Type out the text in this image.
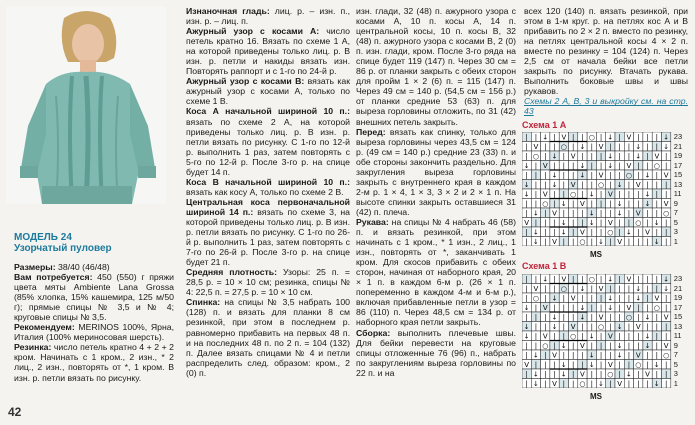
МОДЕЛЬ 24
Узорчатый пуловер

Размеры: 38/40 (46/48)

Вам потребуется: 450 (550) г пряжи цвета мяты Ambiente Lana Grossa (85% хлопка, 15% кашемира, 125 м/50 г); прямые спицы № 3,5 и № 4; круговые спицы № 3,5.

Рекомендуем: MERINOS 100%, Ярна, Италия (100% мериносовая шерсть).

Резинка: число петель кратно 4 + 2 + 2 кром. Начинать с 1 кром., 2 изн., * 2 лиц., 2 изн., повторять от *, 1 кром. В изн. р. петли вязать по рисунку.

Изнаночная гладь: лиц. р. – изн. п., изн. р. – лиц. п.

Ажурный узор с косами А: число петель кратно 16. Вязать по схеме 1 А, на которой приведены только лиц. р. В изн. р. петли и накиды вязать изн. Повторять раппорт и с 1-го по 24-й р.

Ажурный узор с косами В: вязать как ажурный узор с косами А, только по схеме 1 В.

Коса А начальной шириной 10 п.: вязать по схеме 2 А, на которой приведены только лиц. р. В изн. р. петли вязать по рисунку. С 1-го по 12-й р. выполнить 1 раз, затем повторять с 5-го по 12-й р. После 3-го р. на спице будет 14 п.

Коса В начальной шириной 10 п.: вязать как косу А, только по схеме 2 В.

Центральная коса первоначальной шириной 14 п.: вязать по схеме 3, на которой приведены только лиц. р. В изн. р. петли вязать по рисунку. С 1-го по 26-й р. выполнить 1 раз, затем повторять с 7-го по 26-й р. После 3-го р. на спице будет 21 п.

Средняя плотность: Узоры: 25 п. = 28,5 р. = 10 × 10 см; резинка, спицы № 4: 22,5 п. = 27,5 р. = 10 × 10 см.

Спинка: на спицы № 3,5 набрать 100 (128) п. и вязать для планки 8 см резинкой, при этом в последнем р. равномерно прибавить на первых 48 п. и на последних 48 п. по 2 п. = 104 (132) п. Далее вязать спицами № 4 и петли распределить след. образом: кром., 2 (0) п.

изн. глади, 32 (48) п. ажурного узора с косами А, 10 п. косы А, 14 п. центральной косы, 10 п. косы В, 32 (48) п. ажурного узора с косами В, 2 (0) п. изн. глади, кром. После 3-го ряда на спице будет 119 (147) п. Через 30 см = 86 р. от планки закрыть с обеих сторон для пройм 1 × 2 (6) п. = 115 (147) п. Через 49 см = 140 р. (54,5 см = 156 р.) от планки средние 53 (63) п. для выреза горловины отложить, по 31 (42) внешних петель закрыть.

Перед: вязать как спинку, только для выреза горловины через 43,5 см = 124 р. (49 см = 140 р.) средние 23 (33) п. и обе стороны закончить раздельно. Для закругления выреза горловины закрыть с внутреннего края в каждом 2-м р. 1 × 4, 1 × 3, 3 × 2 и 2 × 1 п. На высоте спинки закрыть оставшиеся 31 (42) п. плеча.

Рукава: на спицы № 4 набрать 46 (58) п. и вязать резинкой, при этом начинать с 1 кром., * 1 изн., 2 лиц., 1 изн., повторять от *, заканчивать 1 кром. Для скосов прибавить с обеих сторон, начиная от наборного края, 20 × 1 п. в каждом 6-м р. (26 × 1 п. попеременно в каждом 4-м и 6-м р.), включая прибавленные петли в узор = 86 (110) п. Через 48,5 см = 134 р. от наборного края петли закрыть.

Сборка: выполнить плечевые швы. Для бейки перевести на круговые спицы отложенные 76 (96) п., набрать по закруглениям выреза горловины по 22 п. и на

всех 120 (140) п. вязать резинкой, при этом в 1-м круг. р. на петлях кос А и В прибавить по 2 × 2 п. вместо по резинку, на петлях центральной косы 4 × 2 п. вместе по резинку = 104 (124) п. Через 2,5 см от начала бейки все петли закрыть по рисунку. Втачать рукава. Выполнить боковые швы и швы рукавов.

Схемы 2 А, В, 3 и выкройку см. на стр. 43

Схема 1 А
| | ↓ | V | | ○ | ↓ | V | | | ↓
| V | | ○ | ↓ | V | | | ↓ | | ↓
| ○ | ↓ | V | | | ↓ | | ↓ | V |
↓ | V | | | ↓ | | ↓ | V | | ○ |
| | | ↓ | | ↓ | V | | ○ | ↓ | V
↓ | | ↓ | V | | ○ | ↓ | V | | |
↓ | V | | ○ | ↓ | V | | | ↓ | |
| | ○ | ↓ | V | | | ↓ | | ↓ | V
| ↓ | V | | | ↓ | | ↓ | V | | ○
V | | | ↓ | | ↓ | V | | ○ | ↓ |
| ↓ | | ↓ | V | | ○ | ↓ | V | |
| ↓ | V | | ○ | ↓ | V | | | ↓ |
23
21
19
17
15
13
11
9
7
5
3
1
MS
Схема 1 В
| | ↓ | V | | ○ | ↓ | V | | | ↓
| V | | ○ | ↓ | V | | | ↓ | | ↓
| ○ | ↓ | V | | | ↓ | | ↓ | V |
↓ | V | | | ↓ | | ↓ | V | | ○ |
| | | ↓ | | ↓ | V | | ○ | ↓ | V
↓ | | ↓ | V | | ○ | ↓ | V | | |
↓ | V | | ○ | ↓ | V | | | ↓ | |
| | ○ | ↓ | V | | | ↓ | | ↓ | V
| ↓ | V | | | ↓ | | ↓ | V | | ○
V | | | ↓ | | ↓ | V | | ○ | ↓ |
| ↓ | | ↓ | V | | ○ | ↓ | V | |
| ↓ | V | | ○ | ↓ | V | | | ↓ |
23
21
19
17
15
13
11
9
7
5
3
1
MS
42
